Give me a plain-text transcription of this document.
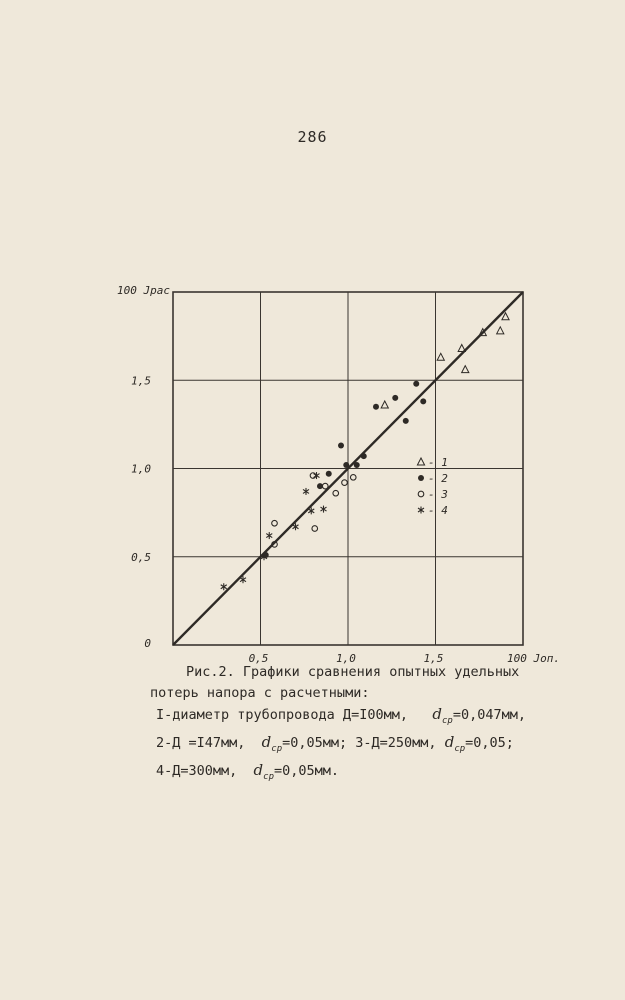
286
0,5	1,0	1,5
0,5
1,0
1,5
0
100 Jрас
100 Jоп.
- 1
- 2
- 3
- 4
Рис.2. Графики сравнения опытных удельных
потерь напора с расчетными:
I-диаметр трубопровода Д=I00мм, $d_{ср}=0,047мм$,
2-Д =I47мм, $d_{ср}=0,05мм$; 3-Д=250мм, $d_{ср}=0,05$;
4-Д=300мм, $d_{ср}=0,05мм$.
